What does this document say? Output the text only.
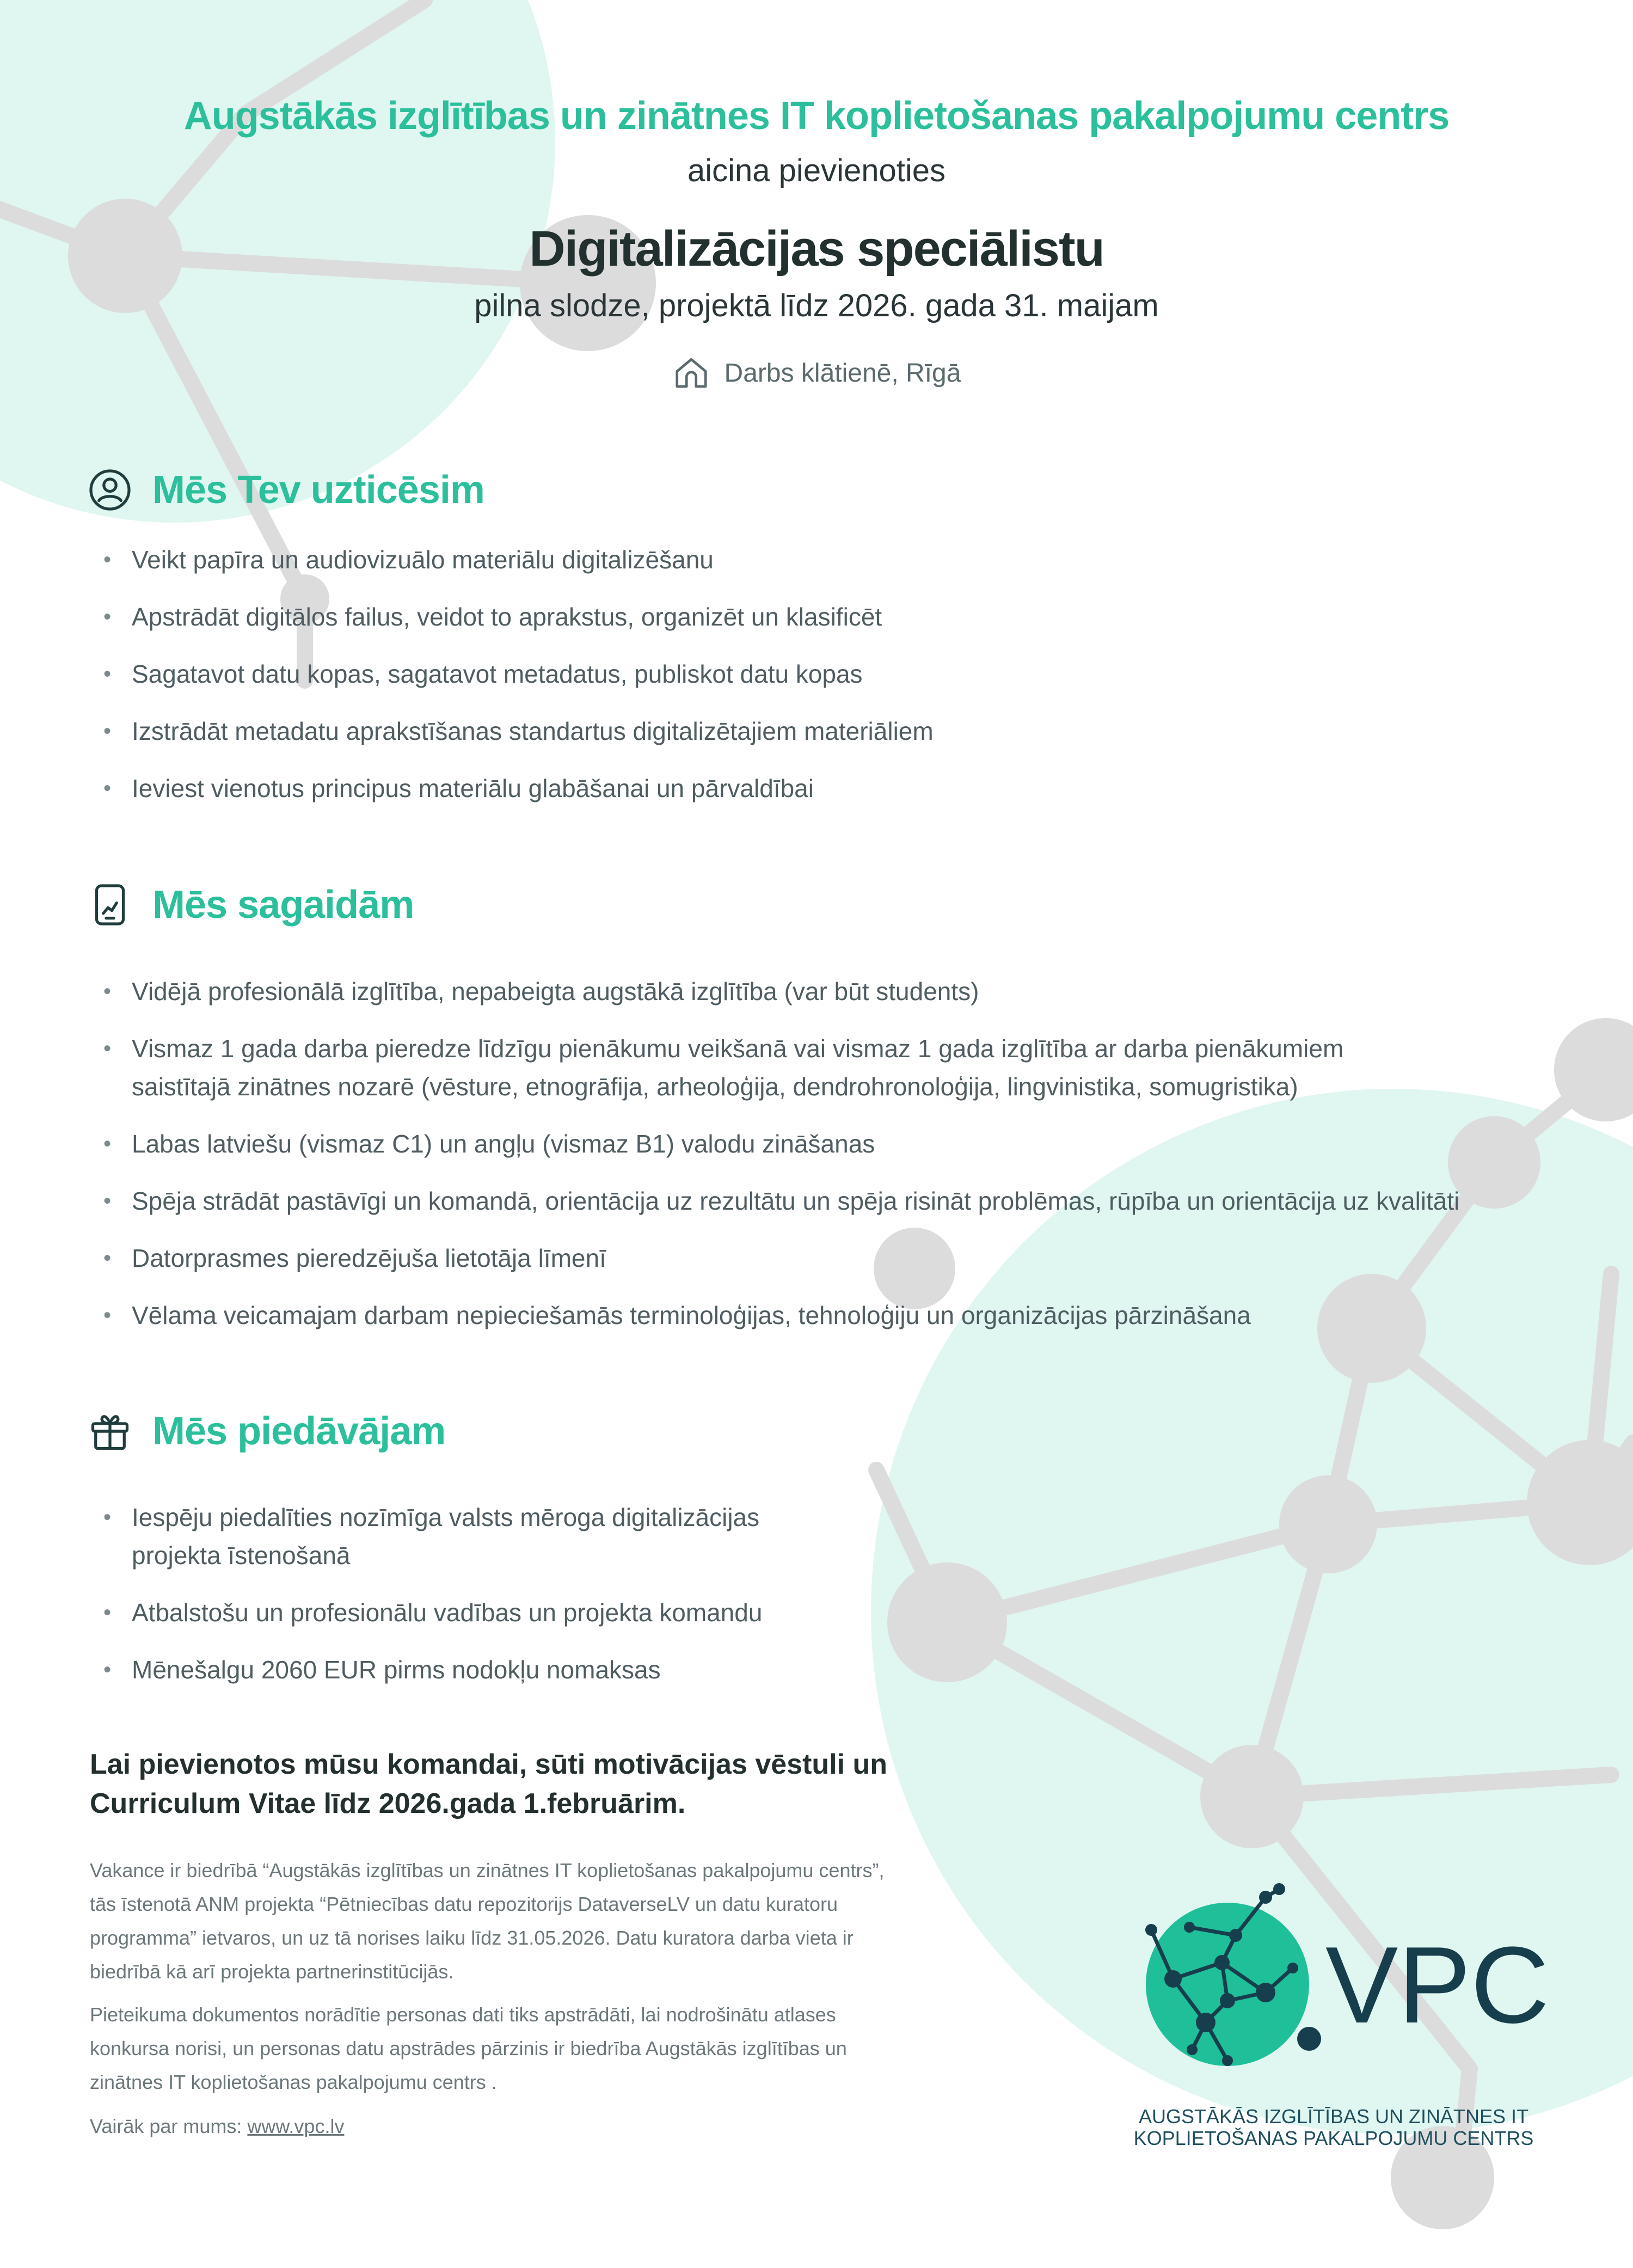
Augstākās izglītības un zinātnes IT koplietošanas pakalpojumu centrs
aicina pievienoties
Digitalizācijas speciālistu
pilna slodze, projektā līdz 2026. gada 31. maijam
Darbs klātienē, Rīgā
Mēs Tev uzticēsim
• Veikt papīra un audiovizuālo materiālu digitalizēšanu
• Apstrādāt digitālos failus, veidot to aprakstus, organizēt un klasificēt
• Sagatavot datu kopas, sagatavot metadatus, publiskot datu kopas
• Izstrādāt metadatu aprakstīšanas standartus digitalizētajiem materiāliem
• Ieviest vienotus principus materiālu glabāšanai un pārvaldībai
Mēs sagaidām
• Vidējā profesionālā izglītība, nepabeigta augstākā izglītība (var būt students)
• Vismaz 1 gada darba pieredze līdzīgu pienākumu veikšanā vai vismaz 1 gada izglītība ar darba pienākumiem saistītajā zinātnes nozarē (vēsture, etnogrāfija, arheoloģija, dendrohronoloģija, lingvinistika, somugristika)
• Labas latviešu (vismaz C1) un angļu (vismaz B1) valodu zināšanas
• Spēja strādāt pastāvīgi un komandā, orientācija uz rezultātu un spēja risināt problēmas, rūpība un orientācija uz kvalitāti
• Datorprasmes pieredzējuša lietotāja līmenī
• Vēlama veicamajam darbam nepieciešamās terminoloģijas, tehnoloģiju un organizācijas pārzināšana
Mēs piedāvājam
• Iespēju piedalīties nozīmīga valsts mēroga digitalizācijas projekta īstenošanā
• Atbalstošu un profesionālu vadības un projekta komandu
• Mēnešalgu 2060 EUR pirms nodokļu nomaksas
Lai pievienotos mūsu komandai, sūti motivācijas vēstuli un Curriculum Vitae līdz 2026.gada 1.februārim.
Vakance ir biedrībā “Augstākās izglītības un zinātnes IT koplietošanas pakalpojumu centrs”, tās īstenotā ANM projekta “Pētniecības datu repozitorijs DataverseLV un datu kuratoru programma” ietvaros, un uz tā norises laiku līdz 31.05.2026. Datu kuratora darba vieta ir biedrībā kā arī projekta partnerinstitūcijās.
Pieteikuma dokumentos norādītie personas dati tiks apstrādāti, lai nodrošinātu atlases konkursa norisi, un personas datu apstrādes pārzinis ir biedrība Augstākās izglītības un zinātnes IT koplietošanas pakalpojumu centrs .
Vairāk par mums: www.vpc.lv
VPC
AUGSTĀKĀS IZGLĪTĪBAS UN ZINĀTNES IT
KOPLIETOŠANAS PAKALPOJUMU CENTRS
